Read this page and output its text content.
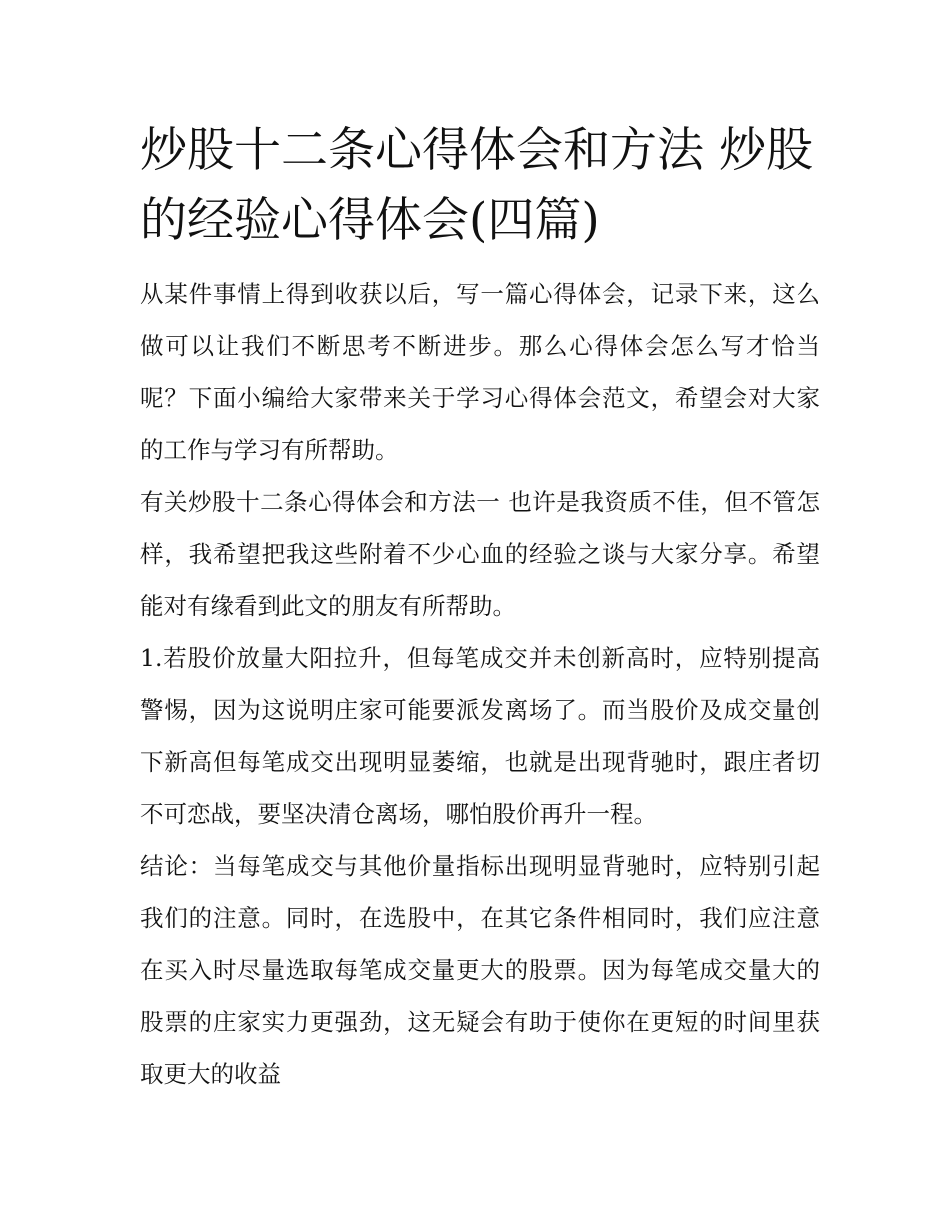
炒股十二条心得体会和方法 炒股的经验心得体会(四篇)

从某件事情上得到收获以后，写一篇心得体会，记录下来，这么做可以让我们不断思考不断进步。那么心得体会怎么写才恰当呢？下面小编给大家带来关于学习心得体会范文，希望会对大家的工作与学习有所帮助。

有关炒股十二条心得体会和方法一 也许是我资质不佳，但不管怎样，我希望把我这些附着不少心血的经验之谈与大家分享。希望能对有缘看到此文的朋友有所帮助。

1.若股价放量大阳拉升，但每笔成交并未创新高时，应特别提高警惕，因为这说明庄家可能要派发离场了。而当股价及成交量创下新高但每笔成交出现明显萎缩，也就是出现背驰时，跟庄者切不可恋战，要坚决清仓离场，哪怕股价再升一程。

结论：当每笔成交与其他价量指标出现明显背驰时，应特别引起我们的注意。同时，在选股中，在其它条件相同时，我们应注意在买入时尽量选取每笔成交量更大的股票。因为每笔成交量大的股票的庄家实力更强劲，这无疑会有助于使你在更短的时间里获取更大的收益
